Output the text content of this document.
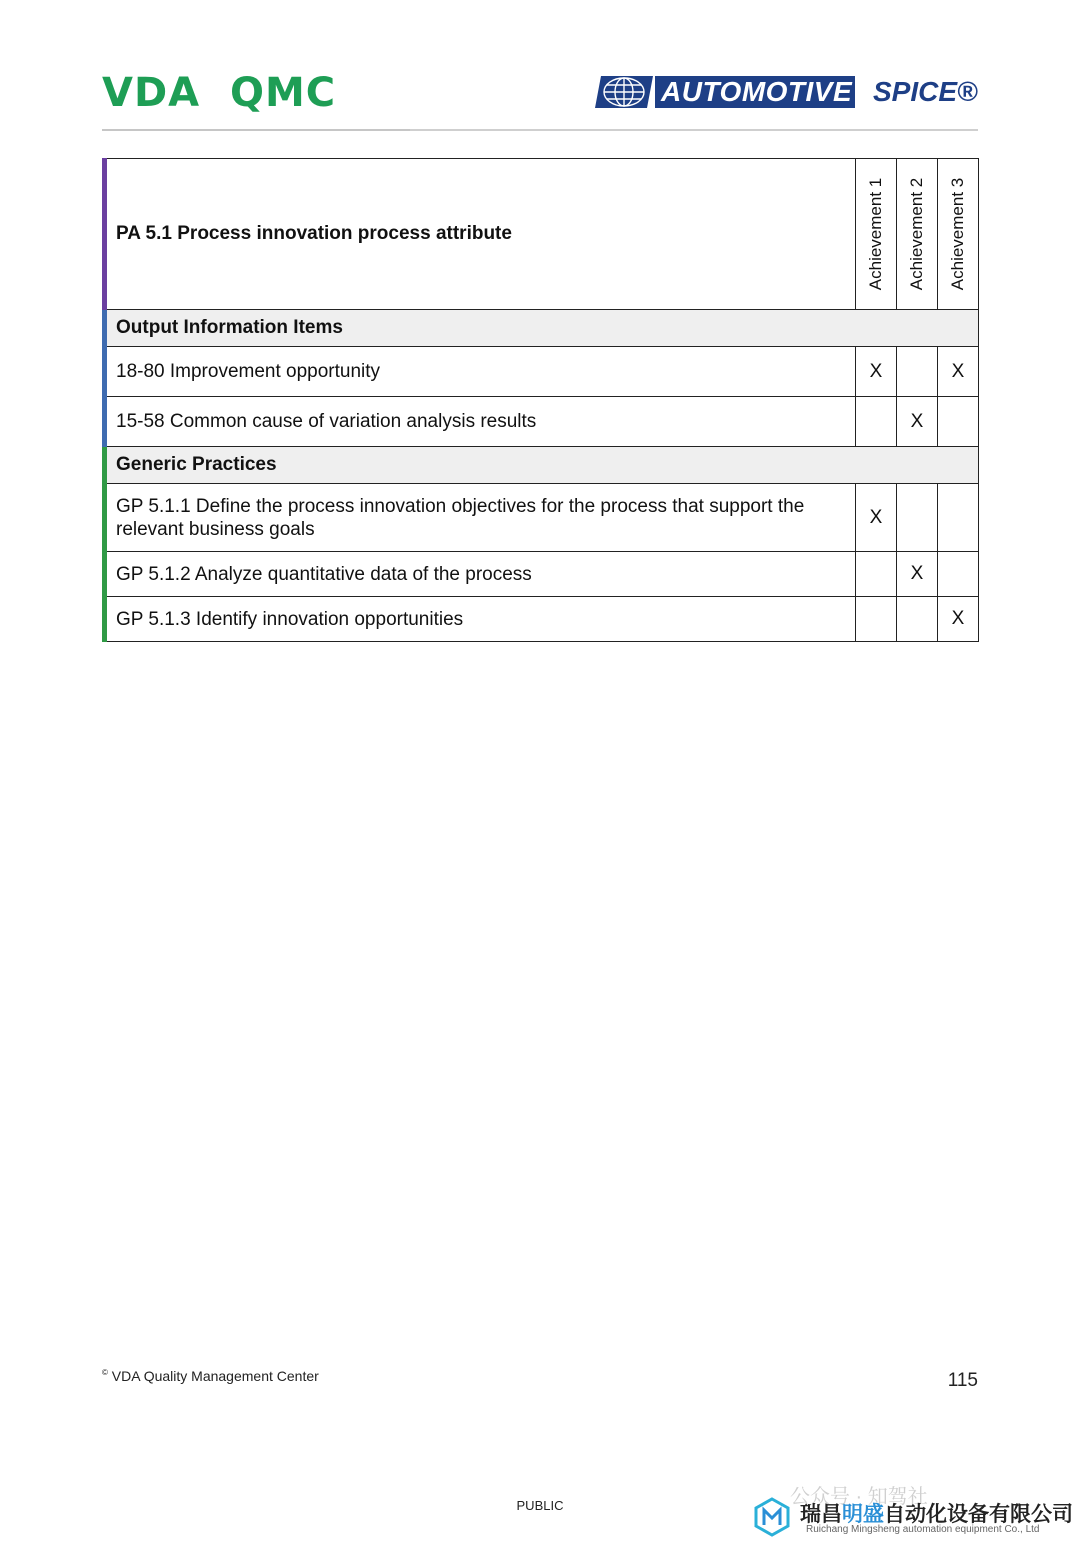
VDA  QMC	AUTOMOTIVE SPICE®
PA 5.1 Process innovation process attribute	Achievement 1	Achievement 2	Achievement 3

Output Information Items			
18-80 Improvement opportunity	X		X
15-58 Common cause of variation analysis results		X	
Generic Practices			
GP 5.1.1 Define the process innovation objectives for the process that support the relevant business goals	X		
GP 5.1.2 Analyze quantitative data of the process		X	
GP 5.1.3 Identify innovation opportunities			X
© VDA Quality Management Center	115
PUBLIC	公众号 · 知驾社
瑞昌明盛自动化设备有限公司
Ruichang Mingsheng automation equipment Co., Ltd
